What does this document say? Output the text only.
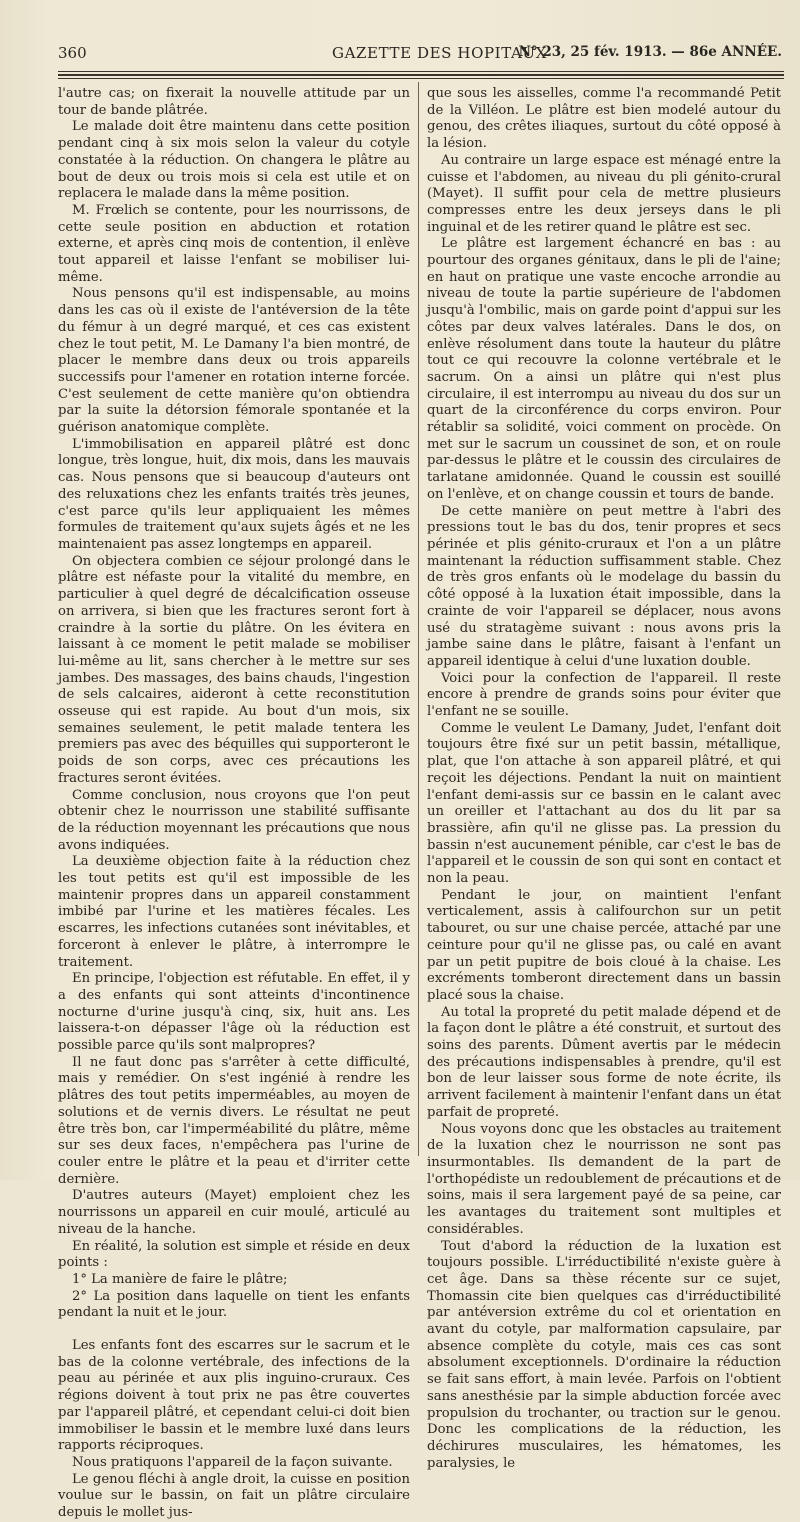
360	GAZETTE DES HOPITAUX
N° 23, 25 fév. 1913. — 86e ANNÉE.

l'autre cas; on fixerait la nouvelle attitude par un tour de bande plâtrée.

Le malade doit être maintenu dans cette position pendant cinq à six mois selon la valeur du cotyle constatée à la réduction. On changera le plâtre au bout de deux ou trois mois si cela est utile et on replacera le malade dans la même position.

M. Frœlich se contente, pour les nourrissons, de cette seule position en abduction et rotation externe, et après cinq mois de contention, il enlève tout appareil et laisse l'enfant se mobiliser lui-même.

Nous pensons qu'il est indispensable, au moins dans les cas où il existe de l'antéversion de la tête du fémur à un degré marqué, et ces cas existent chez le tout petit, M. Le Damany l'a bien montré, de placer le membre dans deux ou trois appareils successifs pour l'amener en rotation interne forcée. C'est seulement de cette manière qu'on obtiendra par la suite la détorsion fémorale spontanée et la guérison anatomique complète.

L'immobilisation en appareil plâtré est donc longue, très longue, huit, dix mois, dans les mauvais cas. Nous pensons que si beaucoup d'auteurs ont des reluxations chez les enfants traités très jeunes, c'est parce qu'ils leur appliquaient les mêmes formules de traitement qu'aux sujets âgés et ne les maintenaient pas assez longtemps en appareil.

On objectera combien ce séjour prolongé dans le plâtre est néfaste pour la vitalité du membre, en particulier à quel degré de décalcification osseuse on arrivera, si bien que les fractures seront fort à craindre à la sortie du plâtre. On les évitera en laissant à ce moment le petit malade se mobiliser lui-même au lit, sans chercher à le mettre sur ses jambes. Des massages, des bains chauds, l'ingestion de sels calcaires, aideront à cette reconstitution osseuse qui est rapide. Au bout d'un mois, six semaines seulement, le petit malade tentera les premiers pas avec des béquilles qui supporteront le poids de son corps, avec ces précautions les fractures seront évitées.

Comme conclusion, nous croyons que l'on peut obtenir chez le nourrisson une stabilité suffisante de la réduction moyennant les précautions que nous avons indiquées.

La deuxième objection faite à la réduction chez les tout petits est qu'il est impossible de les maintenir propres dans un appareil constamment imbibé par l'urine et les matières fécales. Les escarres, les infections cutanées sont inévitables, et forceront à enlever le plâtre, à interrompre le traitement.

En principe, l'objection est réfutable. En effet, il y a des enfants qui sont atteints d'incontinence nocturne d'urine jusqu'à cinq, six, huit ans. Les laissera-t-on dépasser l'âge où la réduction est possible parce qu'ils sont malpropres?

Il ne faut donc pas s'arrêter à cette difficulté, mais y remédier. On s'est ingénié à rendre les plâtres des tout petits imperméables, au moyen de solutions et de vernis divers. Le résultat ne peut être très bon, car l'imperméabilité du plâtre, même sur ses deux faces, n'empêchera pas l'urine de couler entre le plâtre et la peau et d'irriter cette dernière.

D'autres auteurs (Mayet) emploient chez les nourrissons un appareil en cuir moulé, articulé au niveau de la hanche.

En réalité, la solution est simple et réside en deux points :

1° La manière de faire le plâtre;

2° La position dans laquelle on tient les enfants pendant la nuit et le jour.

Les enfants font des escarres sur le sacrum et le bas de la colonne vertébrale, des infections de la peau au périnée et aux plis inguino-cruraux. Ces régions doivent à tout prix ne pas être couvertes par l'appareil plâtré, et cependant celui-ci doit bien immobiliser le bassin et le membre luxé dans leurs rapports réciproques.

Nous pratiquons l'appareil de la façon suivante.

Le genou fléchi à angle droit, la cuisse en position voulue sur le bassin, on fait un plâtre circulaire depuis le mollet jus-

que sous les aisselles, comme l'a recommandé Petit de la Villéon. Le plâtre est bien modelé autour du genou, des crêtes iliaques, surtout du côté opposé à la lésion.

Au contraire un large espace est ménagé entre la cuisse et l'abdomen, au niveau du pli génito-crural (Mayet). Il suffit pour cela de mettre plusieurs compresses entre les deux jerseys dans le pli inguinal et de les retirer quand le plâtre est sec.

Le plâtre est largement échancré en bas : au pourtour des organes génitaux, dans le pli de l'aine; en haut on pratique une vaste encoche arrondie au niveau de toute la partie supérieure de l'abdomen jusqu'à l'ombilic, mais on garde point d'appui sur les côtes par deux valves latérales. Dans le dos, on enlève résolument dans toute la hauteur du plâtre tout ce qui recouvre la colonne vertébrale et le sacrum. On a ainsi un plâtre qui n'est plus circulaire, il est interrompu au niveau du dos sur un quart de la circonférence du corps environ. Pour rétablir sa solidité, voici comment on procède. On met sur le sacrum un coussinet de son, et on roule par-dessus le plâtre et le coussin des circulaires de tarlatane amidonnée. Quand le coussin est souillé on l'enlève, et on change coussin et tours de bande.

De cette manière on peut mettre à l'abri des pressions tout le bas du dos, tenir propres et secs périnée et plis génito-cruraux et l'on a un plâtre maintenant la réduction suffisamment stable. Chez de très gros enfants où le modelage du bassin du côté opposé à la luxation était impossible, dans la crainte de voir l'appareil se déplacer, nous avons usé du stratagème suivant : nous avons pris la jambe saine dans le plâtre, faisant à l'enfant un appareil identique à celui d'une luxation double.

Voici pour la confection de l'appareil. Il reste encore à prendre de grands soins pour éviter que l'enfant ne se souille.

Comme le veulent Le Damany, Judet, l'enfant doit toujours être fixé sur un petit bassin, métallique, plat, que l'on attache à son appareil plâtré, et qui reçoit les déjections. Pendant la nuit on maintient l'enfant demi-assis sur ce bassin en le calant avec un oreiller et l'attachant au dos du lit par sa brassière, afin qu'il ne glisse pas. La pression du bassin n'est aucunement pénible, car c'est le bas de l'appareil et le coussin de son qui sont en contact et non la peau.

Pendant le jour, on maintient l'enfant verticalement, assis à califourchon sur un petit tabouret, ou sur une chaise percée, attaché par une ceinture pour qu'il ne glisse pas, ou calé en avant par un petit pupitre de bois cloué à la chaise. Les excréments tomberont directement dans un bassin placé sous la chaise.

Au total la propreté du petit malade dépend et de la façon dont le plâtre a été construit, et surtout des soins des parents. Dûment avertis par le médecin des précautions indispensables à prendre, qu'il est bon de leur laisser sous forme de note écrite, ils arrivent facilement à maintenir l'enfant dans un état parfait de propreté.

Nous voyons donc que les obstacles au traitement de la luxation chez le nourrisson ne sont pas insurmontables. Ils demandent de la part de l'orthopédiste un redoublement de précautions et de soins, mais il sera largement payé de sa peine, car les avantages du traitement sont multiples et considérables.

Tout d'abord la réduction de la luxation est toujours possible. L'irréductibilité n'existe guère à cet âge. Dans sa thèse récente sur ce sujet, Thomassin cite bien quelques cas d'irréductibilité par antéversion extrême du col et orientation en avant du cotyle, par malformation capsulaire, par absence complète du cotyle, mais ces cas sont absolument exceptionnels. D'ordinaire la réduction se fait sans effort, à main levée. Parfois on l'obtient sans anesthésie par la simple abduction forcée avec propulsion du trochanter, ou traction sur le genou. Donc les complications de la réduction, les déchirures musculaires, les hématomes, les paralysies, le
